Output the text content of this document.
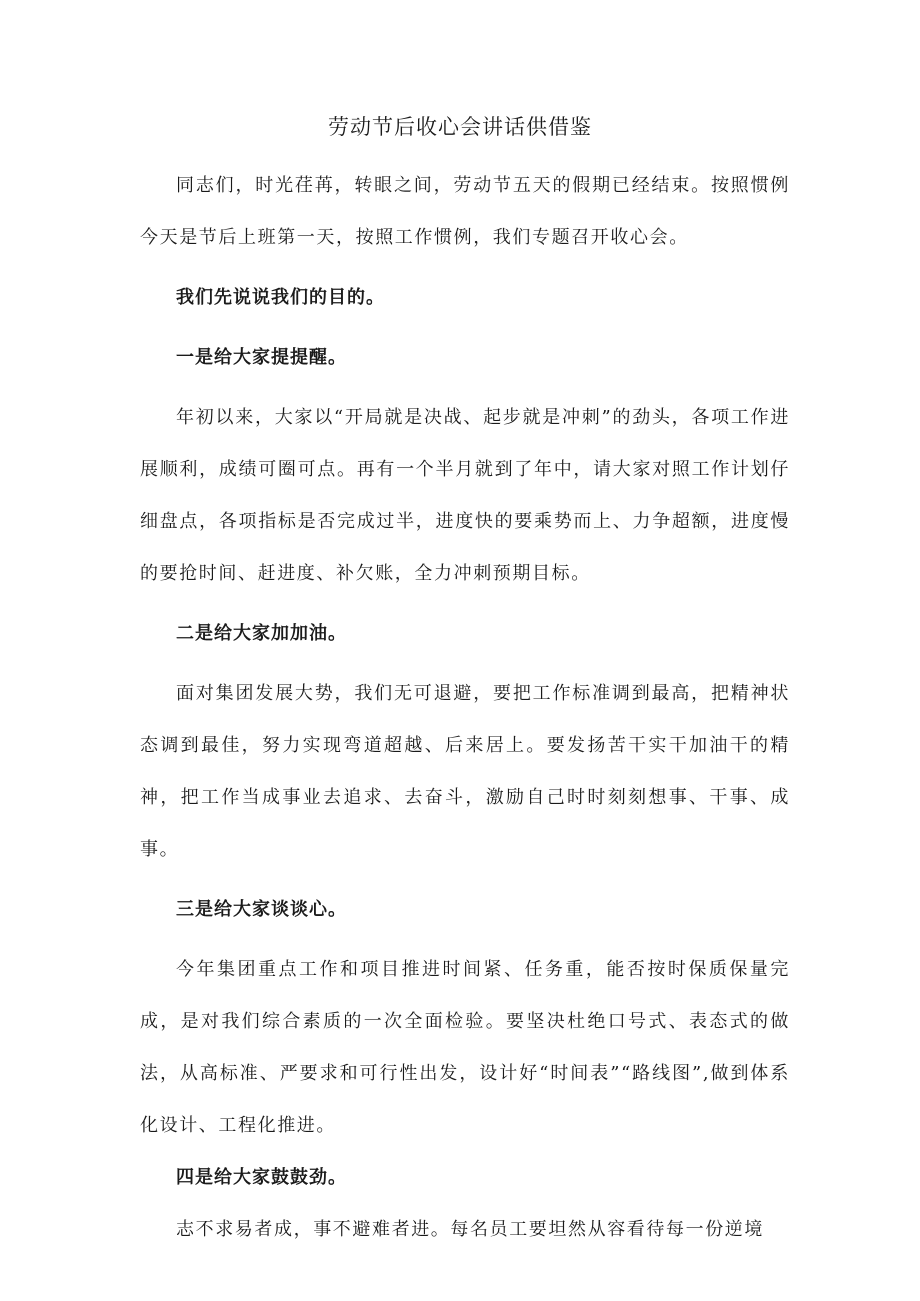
劳动节后收心会讲话供借鉴

同志们，时光荏苒，转眼之间，劳动节五天的假期已经结束。按照惯例今天是节后上班第一天，按照工作惯例，我们专题召开收心会。

我们先说说我们的目的。

一是给大家提提醒。

年初以来，大家以“开局就是决战、起步就是冲刺”的劲头，各项工作进展顺利，成绩可圈可点。再有一个半月就到了年中，请大家对照工作计划仔细盘点，各项指标是否完成过半，进度快的要乘势而上、力争超额，进度慢的要抢时间、赶进度、补欠账，全力冲刺预期目标。

二是给大家加加油。

面对集团发展大势，我们无可退避，要把工作标准调到最高，把精神状态调到最佳，努力实现弯道超越、后来居上。要发扬苦干实干加油干的精神，把工作当成事业去追求、去奋斗，激励自己时时刻刻想事、干事、成事。

三是给大家谈谈心。

今年集团重点工作和项目推进时间紧、任务重，能否按时保质保量完成，是对我们综合素质的一次全面检验。要坚决杜绝口号式、表态式的做法，从高标准、严要求和可行性出发，设计好“时间表”“路线图”,做到体系化设计、工程化推进。

四是给大家鼓鼓劲。

志不求易者成，事不避难者进。每名员工要坦然从容看待每一份逆境
